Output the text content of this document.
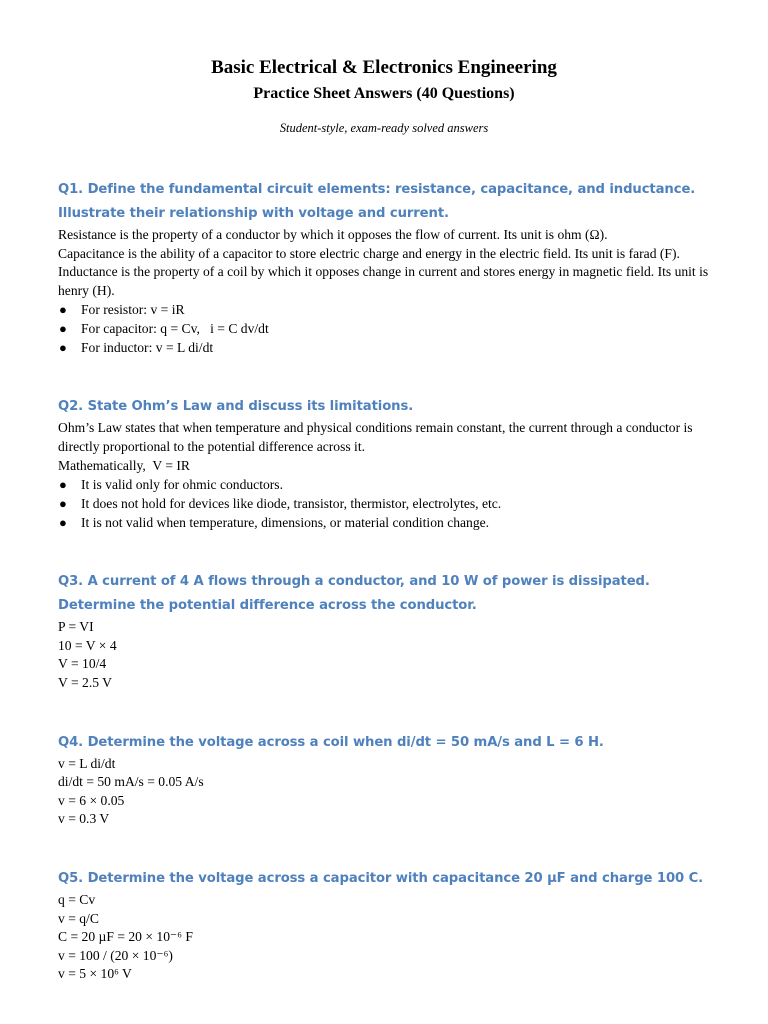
Basic Electrical & Electronics Engineering
Practice Sheet Answers (40 Questions)

Student-style, exam-ready solved answers

Q1. Define the fundamental circuit elements: resistance, capacitance, and inductance. Illustrate their relationship with voltage and current.

Resistance is the property of a conductor by which it opposes the flow of current. Its unit is ohm (Ω).

Capacitance is the ability of a capacitor to store electric charge and energy in the electric field. Its unit is farad (F).

Inductance is the property of a coil by which it opposes change in current and stores energy in magnetic field. Its unit is henry (H).

● For resistor: v = iR
● For capacitor: q = Cv,   i = C dv/dt
● For inductor: v = L di/dt

Q2. State Ohm’s Law and discuss its limitations.

Ohm’s Law states that when temperature and physical conditions remain constant, the current through a conductor is directly proportional to the potential difference across it.

Mathematically,  V = IR

● It is valid only for ohmic conductors.
● It does not hold for devices like diode, transistor, thermistor, electrolytes, etc.
● It is not valid when temperature, dimensions, or material condition change.

Q3. A current of 4 A flows through a conductor, and 10 W of power is dissipated. Determine the potential difference across the conductor.

P = VI

10 = V × 4

V = 10/4

V = 2.5 V

Q4. Determine the voltage across a coil when di/dt = 50 mA/s and L = 6 H.

v = L di/dt

di/dt = 50 mA/s = 0.05 A/s

v = 6 × 0.05

v = 0.3 V

Q5. Determine the voltage across a capacitor with capacitance 20 µF and charge 100 C.

q = Cv

v = q/C

C = 20 µF = 20 × 10⁻⁶ F

v = 100 / (20 × 10⁻⁶)

v = 5 × 10⁶ V
